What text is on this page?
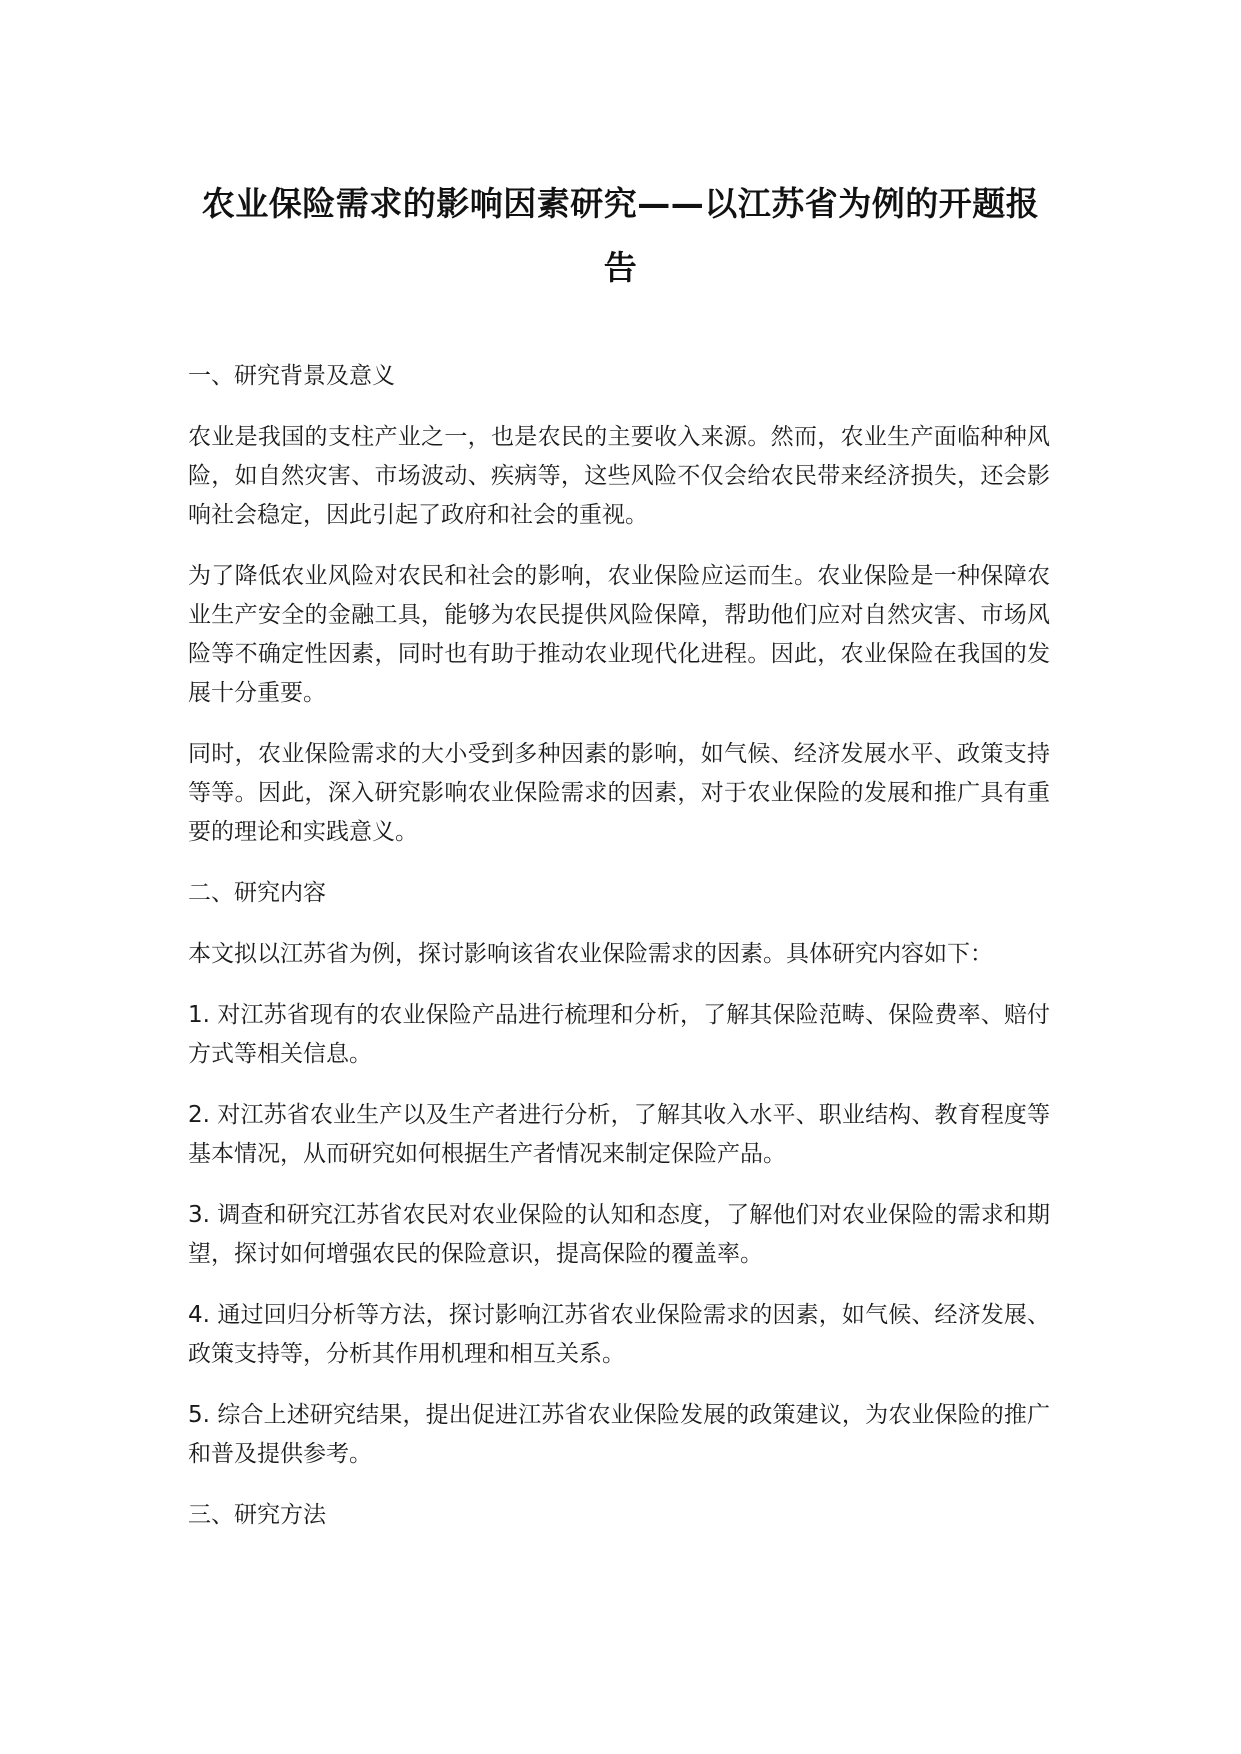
农业保险需求的影响因素研究——以江苏省为例的开题报告

一、研究背景及意义

农业是我国的支柱产业之一，也是农民的主要收入来源。然而，农业生产面临种种风险，如自然灾害、市场波动、疾病等，这些风险不仅会给农民带来经济损失，还会影响社会稳定，因此引起了政府和社会的重视。

为了降低农业风险对农民和社会的影响，农业保险应运而生。农业保险是一种保障农业生产安全的金融工具，能够为农民提供风险保障，帮助他们应对自然灾害、市场风险等不确定性因素，同时也有助于推动农业现代化进程。因此，农业保险在我国的发展十分重要。

同时，农业保险需求的大小受到多种因素的影响，如气候、经济发展水平、政策支持等等。因此，深入研究影响农业保险需求的因素，对于农业保险的发展和推广具有重要的理论和实践意义。

二、研究内容

本文拟以江苏省为例，探讨影响该省农业保险需求的因素。具体研究内容如下：

1. 对江苏省现有的农业保险产品进行梳理和分析，了解其保险范畴、保险费率、赔付方式等相关信息。

2. 对江苏省农业生产以及生产者进行分析，了解其收入水平、职业结构、教育程度等基本情况，从而研究如何根据生产者情况来制定保险产品。

3. 调查和研究江苏省农民对农业保险的认知和态度，了解他们对农业保险的需求和期望，探讨如何增强农民的保险意识，提高保险的覆盖率。

4. 通过回归分析等方法，探讨影响江苏省农业保险需求的因素，如气候、经济发展、政策支持等，分析其作用机理和相互关系。

5. 综合上述研究结果，提出促进江苏省农业保险发展的政策建议，为农业保险的推广和普及提供参考。

三、研究方法
